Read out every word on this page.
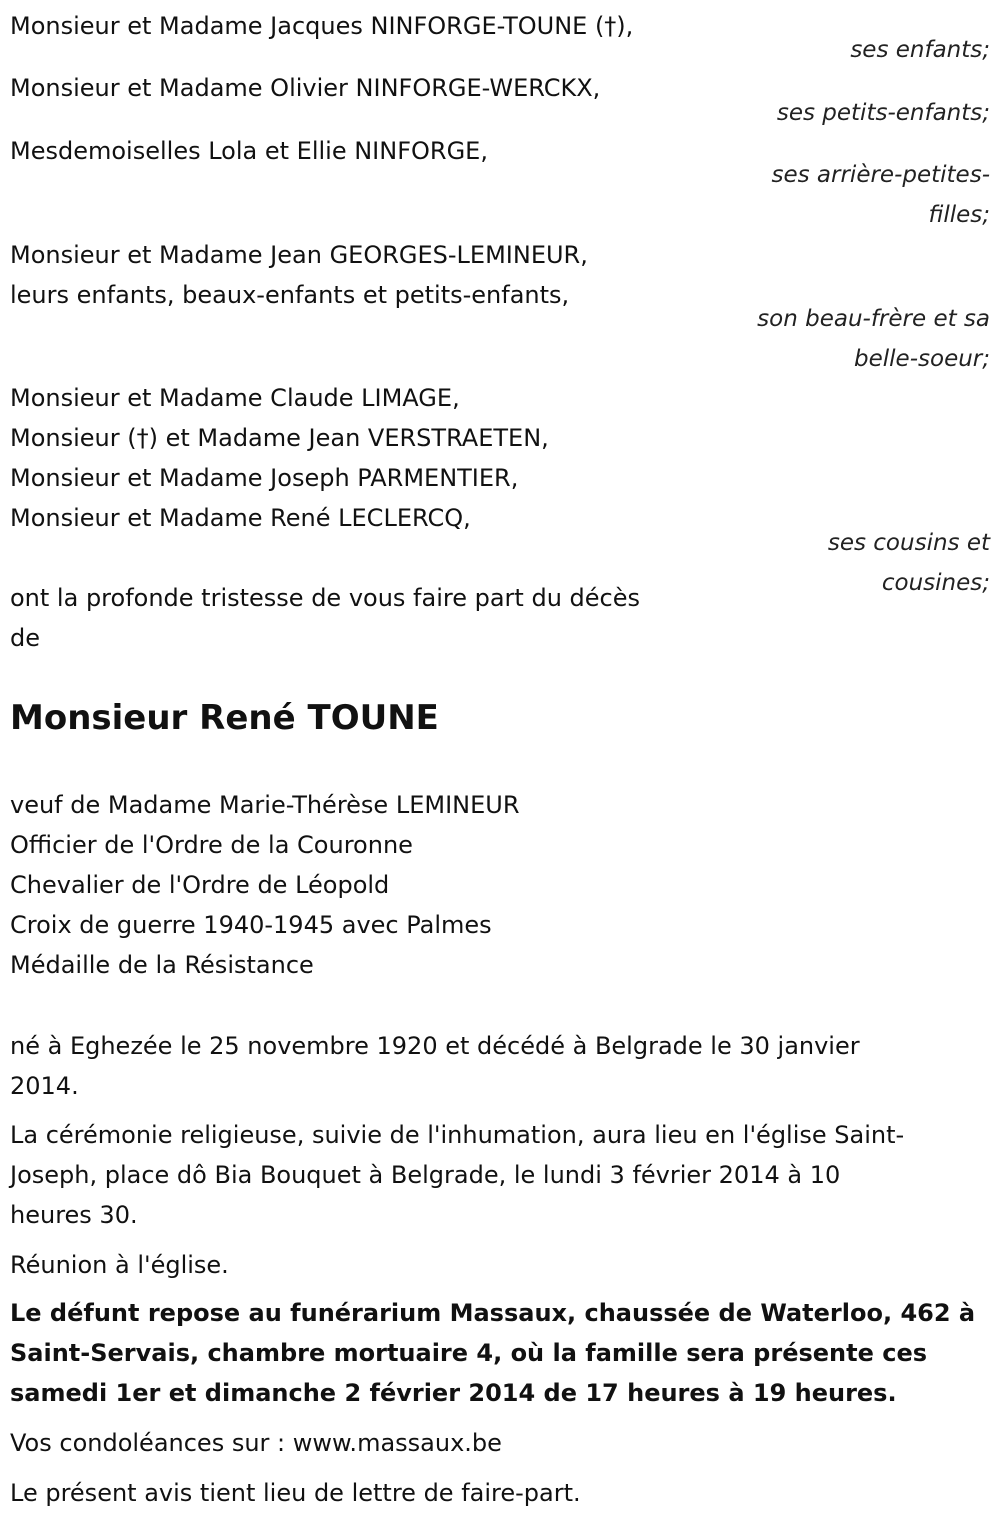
Monsieur et Madame Jacques NINFORGE-TOUNE (†),
ses enfants;
Monsieur et Madame Olivier NINFORGE-WERCKX,
ses petits-enfants;
Mesdemoiselles Lola et Ellie NINFORGE,
ses arrière-petites-
filles;
Monsieur et Madame Jean GEORGES-LEMINEUR,
leurs enfants, beaux-enfants et petits-enfants,
son beau-frère et sa
belle-soeur;
Monsieur et Madame Claude LIMAGE,
Monsieur (†) et Madame Jean VERSTRAETEN,
Monsieur et Madame Joseph PARMENTIER,
Monsieur et Madame René LECLERCQ,
ses cousins et
cousines;
ont la profonde tristesse de vous faire part du décès
de
Monsieur René TOUNE
veuf de Madame Marie-Thérèse LEMINEUR
Officier de l'Ordre de la Couronne
Chevalier de l'Ordre de Léopold
Croix de guerre 1940-1945 avec Palmes
Médaille de la Résistance
né à Eghezée le 25 novembre 1920 et décédé à Belgrade le 30 janvier
2014.
La cérémonie religieuse, suivie de l'inhumation, aura lieu en l'église Saint-
Joseph, place dô Bia Bouquet à Belgrade, le lundi 3 février 2014 à 10
heures 30.
Réunion à l'église.
Le défunt repose au funérarium Massaux, chaussée de Waterloo, 462 à
Saint-Servais, chambre mortuaire 4, où la famille sera présente ces
samedi 1er et dimanche 2 février 2014 de 17 heures à 19 heures.
Vos condoléances sur : www.massaux.be
Le présent avis tient lieu de lettre de faire-part.
